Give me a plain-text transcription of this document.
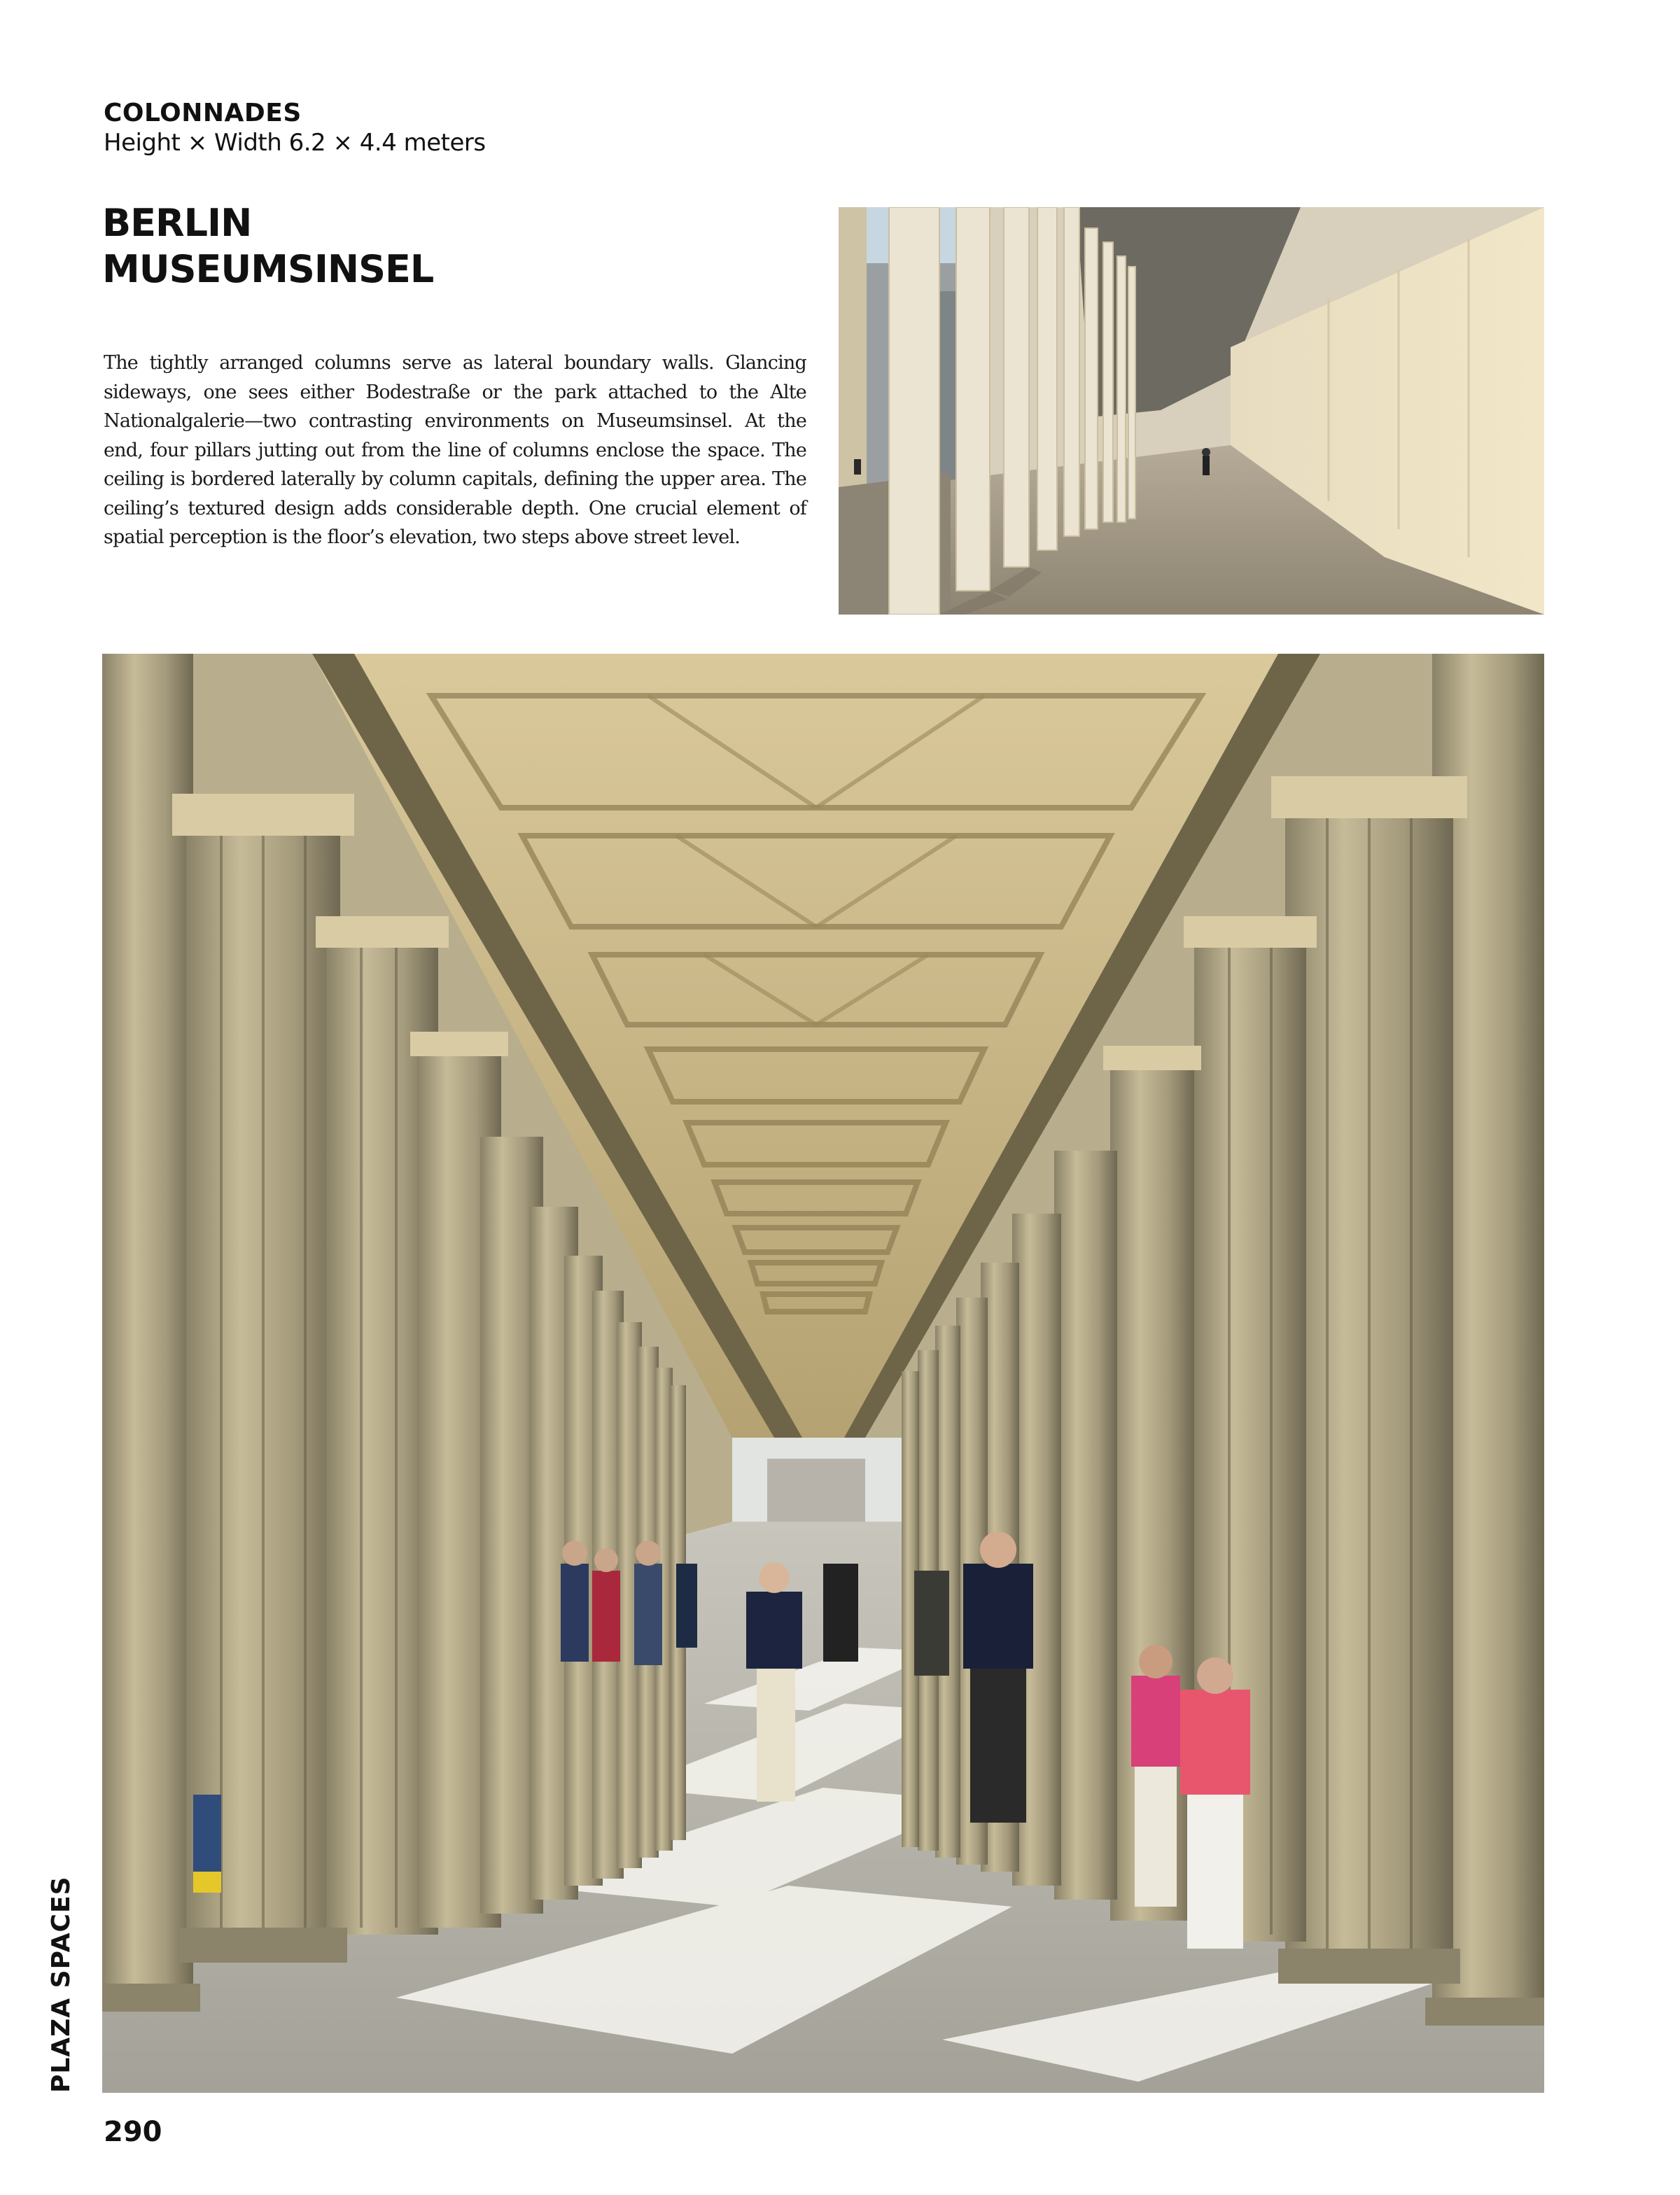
COLONNADES
Height × Width 6.2 × 4.4 meters
BERLIN
MUSEUMSINSEL
The tightly arranged columns serve as lateral boundary walls. Glancing sideways, one sees either Bodestraße or the park attached to the Alte Nationalgalerie—two contrasting environments on Museumsinsel. At the end, four pillars jutting out from the line of columns enclose the space. The ceiling is bordered laterally by column capitals, defining the upper area. The ceiling’s textured design adds considerable depth. One crucial element of spatial perception is the floor’s elevation, two steps above street level.
PLAZA SPACES
290
